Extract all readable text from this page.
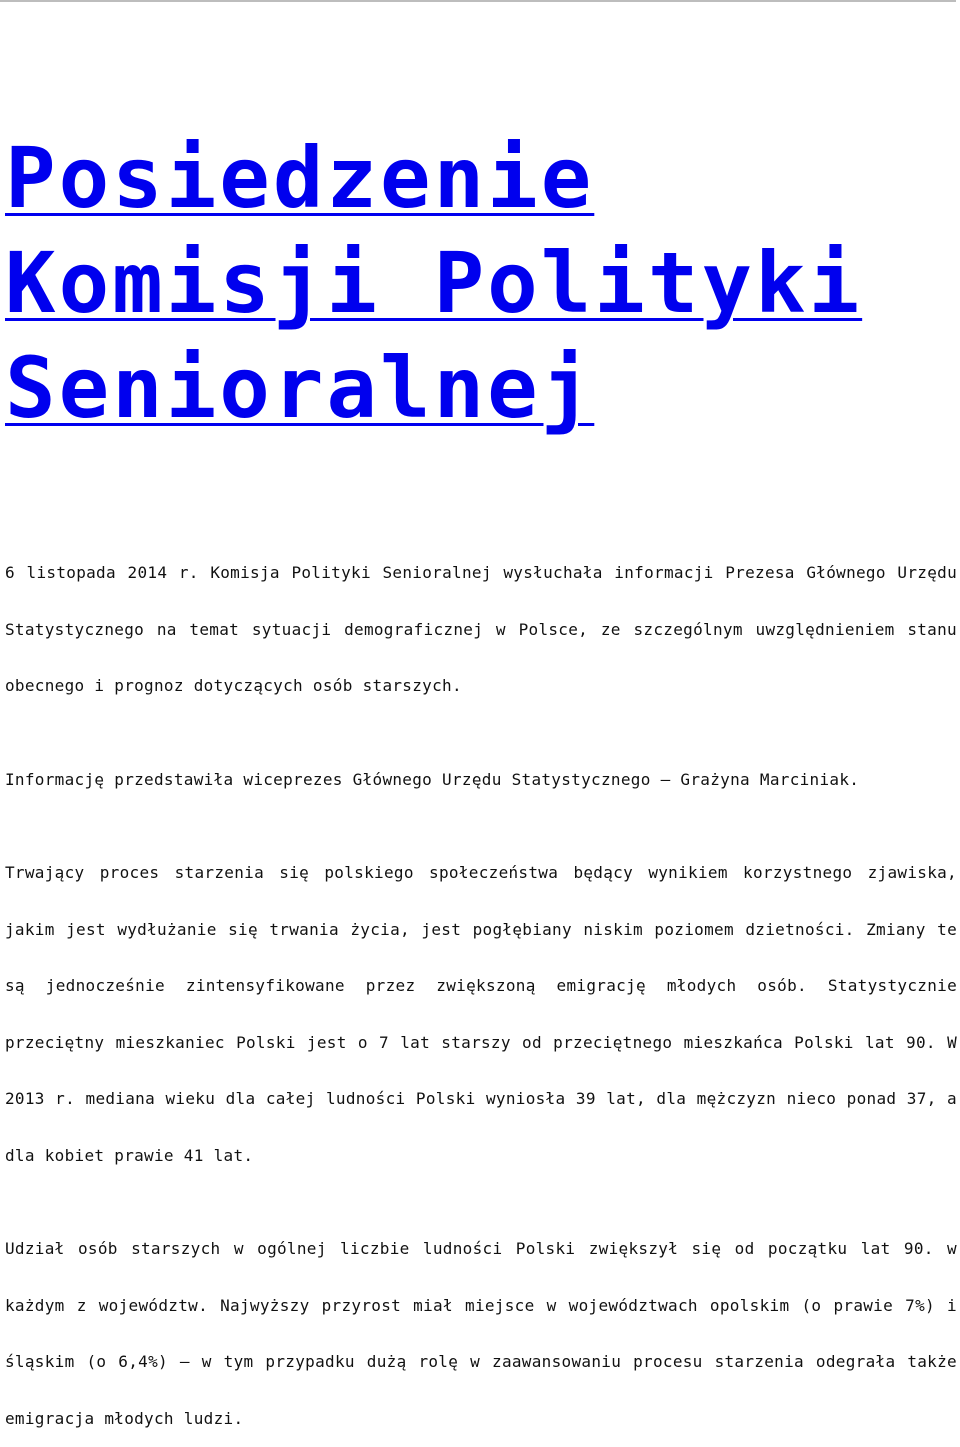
Posiedzenie Komisji Polityki Senioralnej

6 listopada 2014 r. Komisja Polityki Senioralnej wysłuchała informacji Prezesa Głównego Urzędu Statystycznego na temat sytuacji demograficznej w Polsce, ze szczególnym uwzględnieniem stanu obecnego i prognoz dotyczących osób starszych.

Informację przedstawiła wiceprezes Głównego Urzędu Statystycznego – Grażyna Marciniak.

Trwający proces starzenia się polskiego społeczeństwa będący wynikiem korzystnego zjawiska, jakim jest wydłużanie się trwania życia, jest pogłębiany niskim poziomem dzietności. Zmiany te są jednocześnie zintensyfikowane przez zwiększoną emigrację młodych osób. Statystycznie przeciętny mieszkaniec Polski jest o 7 lat starszy od przeciętnego mieszkańca Polski lat 90. W 2013 r. mediana wieku dla całej ludności Polski wyniosła 39 lat, dla mężczyzn nieco ponad 37, a dla kobiet prawie 41 lat.

Udział osób starszych w ogólnej liczbie ludności Polski zwiększył się od początku lat 90. w każdym z województw. Najwyższy przyrost miał miejsce w województwach opolskim (o prawie 7%) i śląskim (o 6,4%) – w tym przypadku dużą rolę w zaawansowaniu procesu starzenia odegrała także emigracja młodych ludzi.
